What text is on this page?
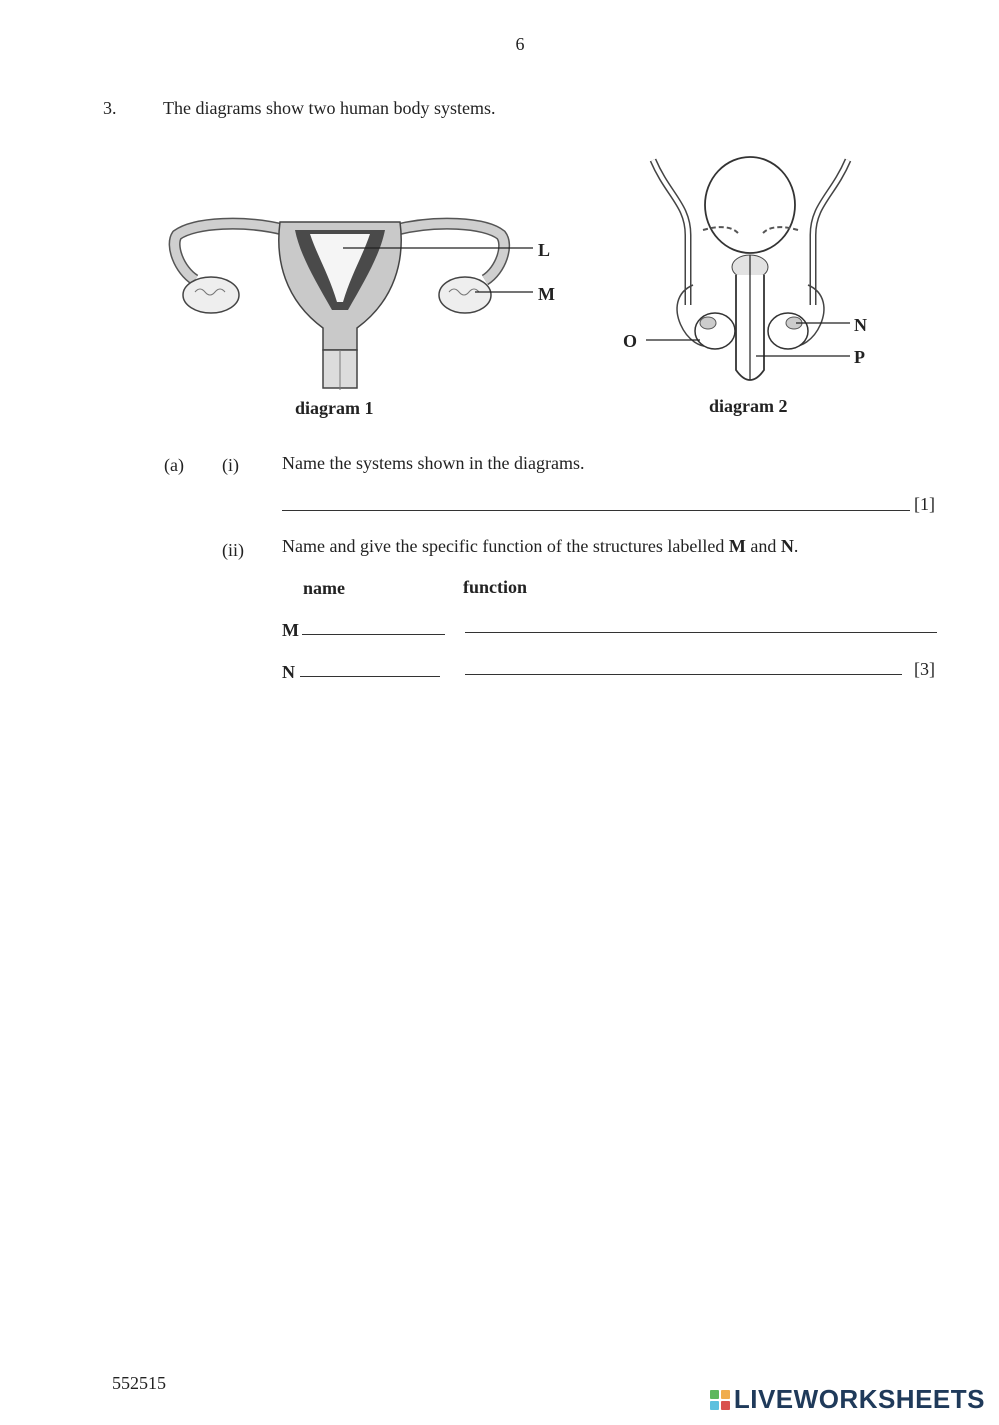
6
3.	The diagrams show two human body systems.
L
M
O
N
P
diagram 1	diagram 2
(a) (i) Name the systems shown in the diagrams.
[1]
(ii) Name and give the specific function of the structures labelled M and N.
name	function
M
N	[3]
552515
LIVEWORKSHEETS
